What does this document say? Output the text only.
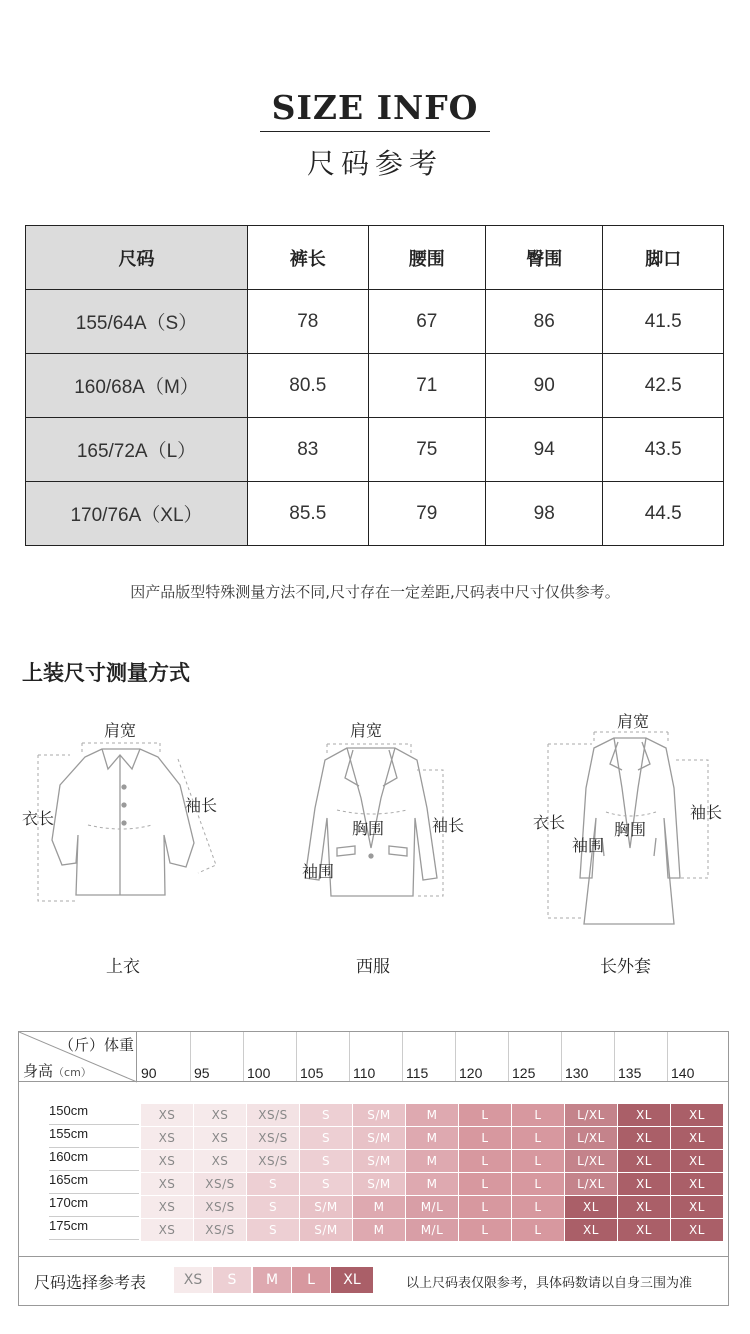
SIZE INFO
尺码参考
尺码	裤长	腰围	臀围	脚口
155/64A（S）	78	67	86	41.5
160/68A（M）	80.5	71	90	42.5
165/72A（L）	83	75	94	43.5
170/76A（XL）	85.5	79	98	44.5
因产品版型特殊测量方法不同,尺寸存在一定差距,尺码表中尺寸仅供参考。
上装尺寸测量方式
肩宽
衣长
袖长
上衣
肩宽
胸围	袖长
袖围
西服
肩宽
衣长	胸围
袖围
袖长
长外套
（斤）体重
身高（cm）	90	95	100 105 110 115 120 125 130 135 140
150cm	XS	XS	XS/S	S	S/M	M	L	L	L/XL	XL	XL
155cm	XS	XS	XS/S	S	S/M	M	L	L	L/XL	XL	XL
160cm	XS	XS	XS/S	S	S/M	M	L	L	L/XL	XL	XL
165cm	XS	XS/S	S	S	S/M	M	L	L	L/XL	XL	XL
170cm	XS	XS/S	S	S/M	M	M/L	L	L	XL	XL	XL
175cm	XS	XS/S	S	S/M	M	M/L	L	L	XL	XL	XL
尺码选择参考表	XS	S	M	L	XL	以上尺码表仅限参考，具体码数请以自身三围为准
